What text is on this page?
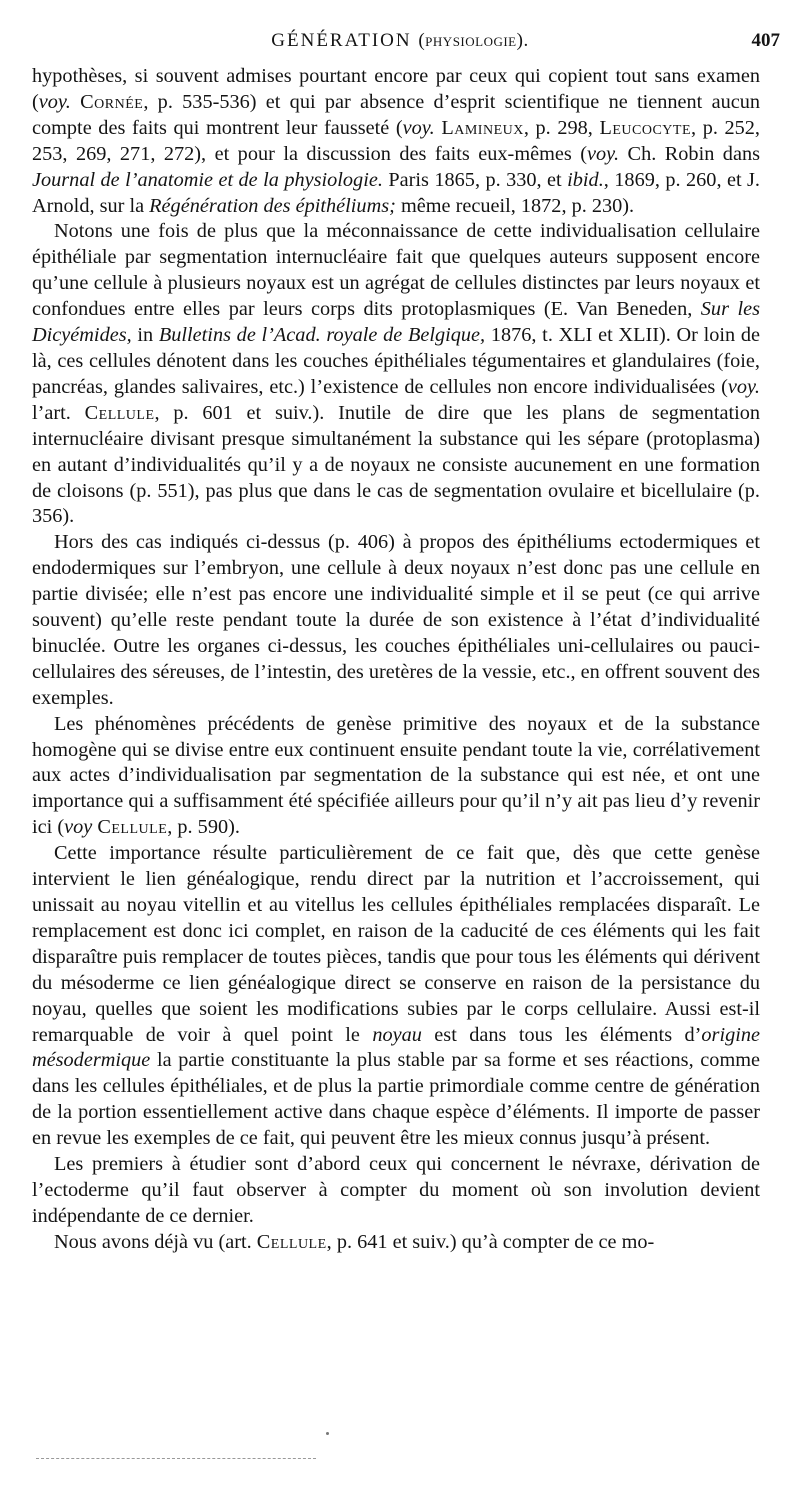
GÉNÉRATION (physiologie).	407

hypothèses, si souvent admises pourtant encore par ceux qui copient tout sans examen (voy. Cornée, p. 535-536) et qui par absence d’esprit scientifique ne tiennent aucun compte des faits qui montrent leur fausseté (voy. Lamineux, p. 298, Leucocyte, p. 252, 253, 269, 271, 272), et pour la discussion des faits eux-mêmes (voy. Ch. Robin dans Journal de l’anatomie et de la physiologie. Paris 1865, p. 330, et ibid., 1869, p. 260, et J. Arnold, sur la Régénération des épithéliums; même recueil, 1872, p. 230).

Notons une fois de plus que la méconnaissance de cette individualisation cellulaire épithéliale par segmentation internucléaire fait que quelques auteurs supposent encore qu’une cellule à plusieurs noyaux est un agrégat de cellules distinctes par leurs noyaux et confondues entre elles par leurs corps dits protoplasmiques (E. Van Beneden, Sur les Dicyémides, in Bulletins de l’Acad. royale de Belgique, 1876, t. XLI et XLII). Or loin de là, ces cellules dénotent dans les couches épithéliales tégumentaires et glandulaires (foie, pancréas, glandes salivaires, etc.) l’existence de cellules non encore individualisées (voy. l’art. Cellule, p. 601 et suiv.). Inutile de dire que les plans de segmentation internucléaire divisant presque simultanément la substance qui les sépare (protoplasma) en autant d’individualités qu’il y a de noyaux ne consiste aucunement en une formation de cloisons (p. 551), pas plus que dans le cas de segmentation ovulaire et bicellulaire (p. 356).

Hors des cas indiqués ci-dessus (p. 406) à propos des épithéliums ectodermiques et endodermiques sur l’embryon, une cellule à deux noyaux n’est donc pas une cellule en partie divisée; elle n’est pas encore une individualité simple et il se peut (ce qui arrive souvent) qu’elle reste pendant toute la durée de son existence à l’état d’individualité binuclée. Outre les organes ci-dessus, les couches épithéliales uni-cellulaires ou pauci-cellulaires des séreuses, de l’intestin, des uretères de la vessie, etc., en offrent souvent des exemples.

Les phénomènes précédents de genèse primitive des noyaux et de la substance homogène qui se divise entre eux continuent ensuite pendant toute la vie, corrélativement aux actes d’individualisation par segmentation de la substance qui est née, et ont une importance qui a suffisamment été spécifiée ailleurs pour qu’il n’y ait pas lieu d’y revenir ici (voy Cellule, p. 590).

Cette importance résulte particulièrement de ce fait que, dès que cette genèse intervient le lien généalogique, rendu direct par la nutrition et l’accroissement, qui unissait au noyau vitellin et au vitellus les cellules épithéliales remplacées disparaît. Le remplacement est donc ici complet, en raison de la caducité de ces éléments qui les fait disparaître puis remplacer de toutes pièces, tandis que pour tous les éléments qui dérivent du mésoderme ce lien généalogique direct se conserve en raison de la persistance du noyau, quelles que soient les modifications subies par le corps cellulaire. Aussi est-il remarquable de voir à quel point le noyau est dans tous les éléments d’origine mésodermique la partie constituante la plus stable par sa forme et ses réactions, comme dans les cellules épithéliales, et de plus la partie primordiale comme centre de génération de la portion essentiellement active dans chaque espèce d’éléments. Il importe de passer en revue les exemples de ce fait, qui peuvent être les mieux connus jusqu’à présent.

Les premiers à étudier sont d’abord ceux qui concernent le névraxe, dérivation de l’ectoderme qu’il faut observer à compter du moment où son involution devient indépendante de ce dernier.

Nous avons déjà vu (art. Cellule, p. 641 et suiv.) qu’à compter de ce mo-
